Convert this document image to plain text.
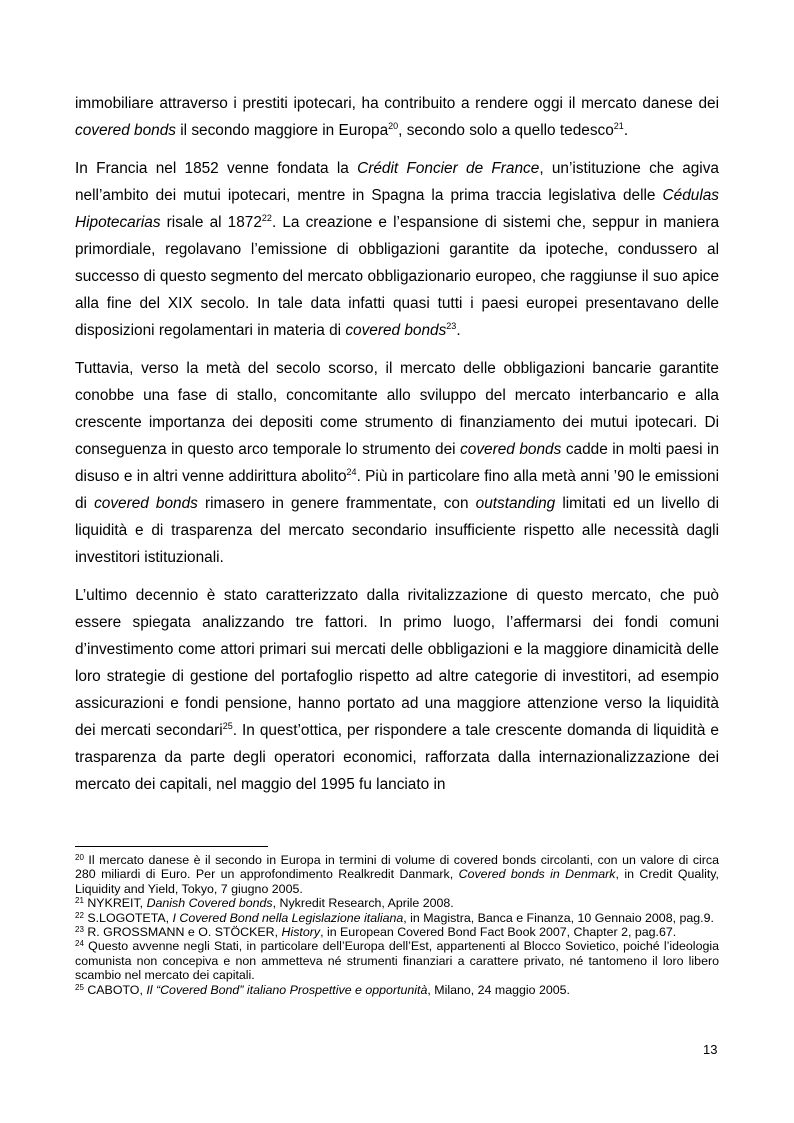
immobiliare attraverso i prestiti ipotecari, ha contribuito a rendere oggi il mercato danese dei covered bonds il secondo maggiore in Europa$^{20}$, secondo solo a quello tedesco$^{21}$.

In Francia nel 1852 venne fondata la Crédit Foncier de France, un’istituzione che agiva nell’ambito dei mutui ipotecari, mentre in Spagna la prima traccia legislativa delle Cédulas Hipotecarias risale al 1872$^{22}$. La creazione e l’espansione di sistemi che, seppur in maniera primordiale, regolavano l’emissione di obbligazioni garantite da ipoteche, condussero al successo di questo segmento del mercato obbligazionario europeo, che raggiunse il suo apice alla fine del XIX secolo. In tale data infatti quasi tutti i paesi europei presentavano delle disposizioni regolamentari in materia di covered bonds$^{23}$.

Tuttavia, verso la metà del secolo scorso, il mercato delle obbligazioni bancarie garantite conobbe una fase di stallo, concomitante allo sviluppo del mercato interbancario e alla crescente importanza dei depositi come strumento di finanziamento dei mutui ipotecari. Di conseguenza in questo arco temporale lo strumento dei covered bonds cadde in molti paesi in disuso e in altri venne addirittura abolito$^{24}$. Più in particolare fino alla metà anni ’90 le emissioni di covered bonds rimasero in genere frammentate, con outstanding limitati ed un livello di liquidità e di trasparenza del mercato secondario insufficiente rispetto alle necessità dagli investitori istituzionali.

L’ultimo decennio è stato caratterizzato dalla rivitalizzazione di questo mercato, che può essere spiegata analizzando tre fattori. In primo luogo, l’affermarsi dei fondi comuni d’investimento come attori primari sui mercati delle obbligazioni e la maggiore dinamicità delle loro strategie di gestione del portafoglio rispetto ad altre categorie di investitori, ad esempio assicurazioni e fondi pensione, hanno portato ad una maggiore attenzione verso la liquidità dei mercati secondari$^{25}$. In quest’ottica, per rispondere a tale crescente domanda di liquidità e trasparenza da parte degli operatori economici, rafforzata dalla internazionalizzazione dei mercato dei capitali, nel maggio del 1995 fu lanciato in

$^{20}$ Il mercato danese è il secondo in Europa in termini di volume di covered bonds circolanti, con un valore di circa 280 miliardi di Euro. Per un approfondimento Realkredit Danmark, Covered bonds in Denmark, in Credit Quality, Liquidity and Yield, Tokyo, 7 giugno 2005.

$^{21}$ NYKREIT, Danish Covered bonds, Nykredit Research, Aprile 2008.

$^{22}$ S.LOGOTETA, I Covered Bond nella Legislazione italiana, in Magistra, Banca e Finanza, 10 Gennaio 2008, pag.9.

$^{23}$ R. GROSSMANN e O. STÖCKER, History, in European Covered Bond Fact Book 2007, Chapter 2, pag.67.

$^{24}$ Questo avvenne negli Stati, in particolare dell’Europa dell’Est, appartenenti al Blocco Sovietico, poiché l’ideologia comunista non concepiva e non ammetteva né strumenti finanziari a carattere privato, né tantomeno il loro libero scambio nel mercato dei capitali.

$^{25}$ CABOTO, Il “Covered Bond” italiano Prospettive e opportunità, Milano, 24 maggio 2005.

13
